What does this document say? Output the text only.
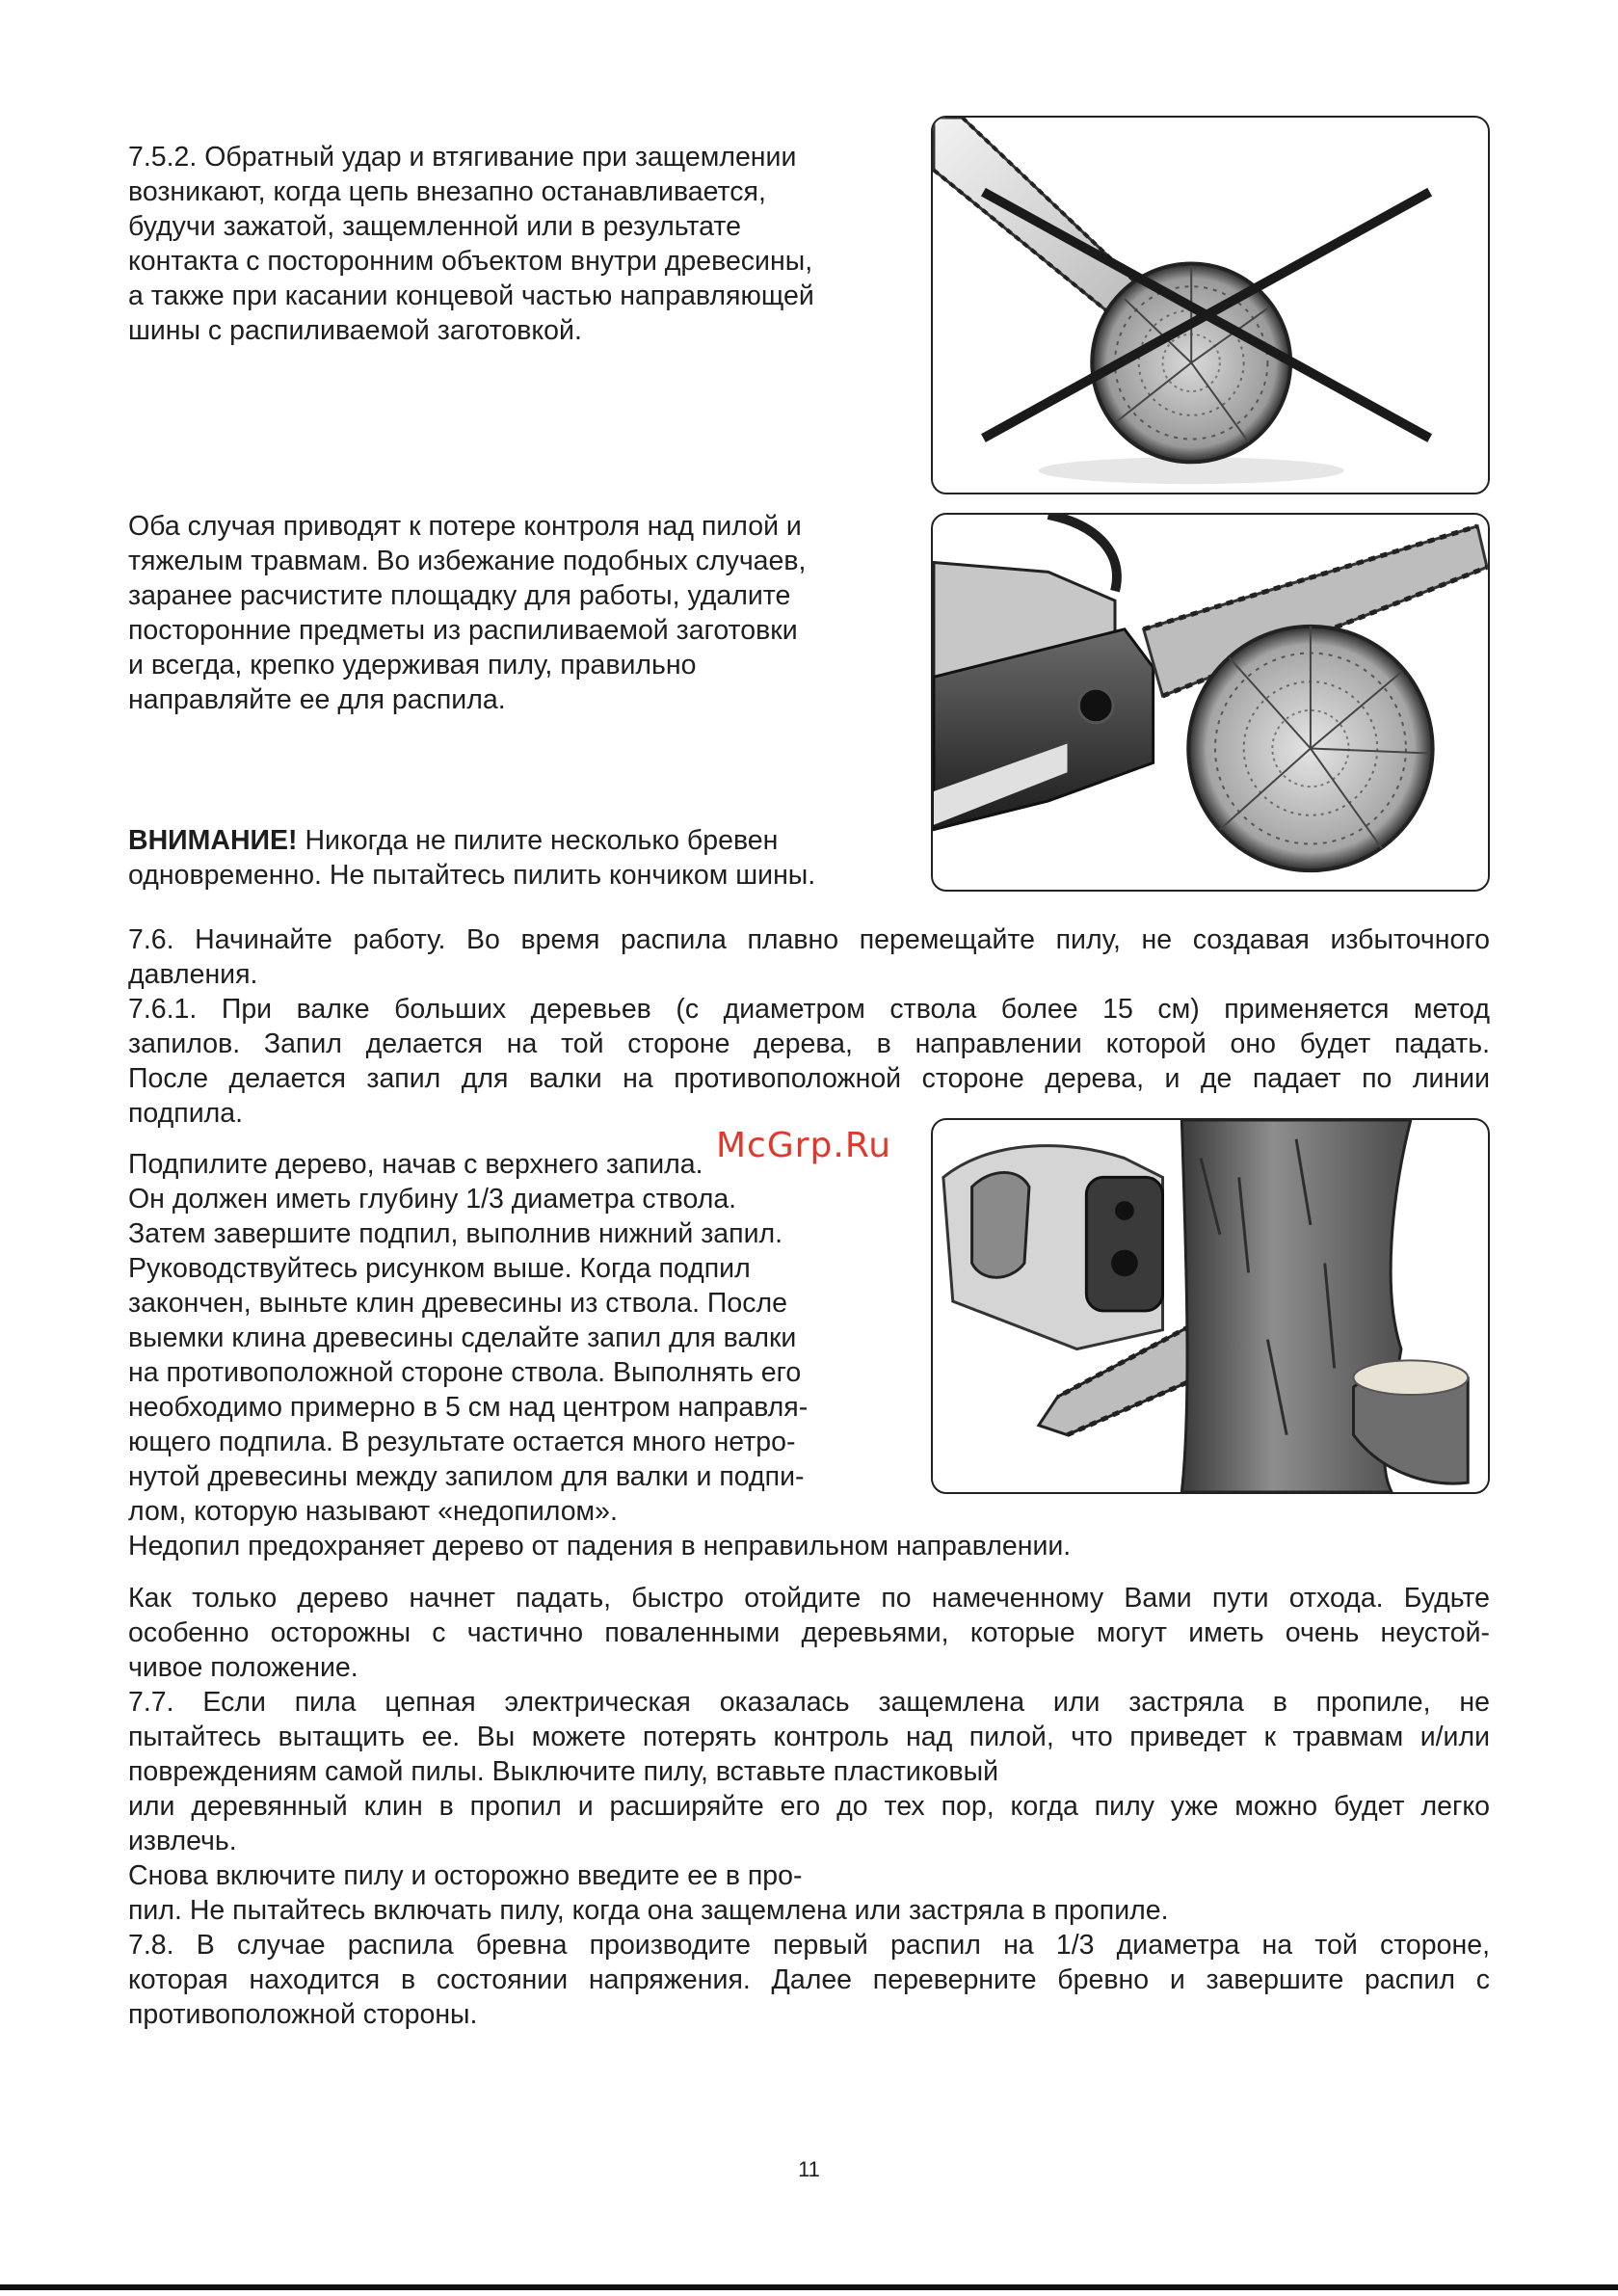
7.5.2. Обратный удар и втягивание при защемлении
возникают, когда цепь внезапно останавливается,
будучи зажатой, защемленной или в результате
контакта с посторонним объектом внутри древесины,
а также при касании концевой частью направляющей
шины с распиливаемой заготовкой.
Оба случая приводят к потере контроля над пилой и
тяжелым травмам. Во избежание подобных случаев,
заранее расчистите площадку для работы, удалите
посторонние предметы из распиливаемой заготовки
и всегда, крепко удерживая пилу, правильно
направляйте ее для распила.
ВНИМАНИЕ! Никогда не пилите несколько бревен
одновременно. Не пытайтесь пилить кончиком шины.
7.6. Начинайте работу. Во время распила плавно перемещайте пилу, не создавая избыточного
давления.
7.6.1. При валке больших деревьев (с диаметром ствола более 15 см) применяется метод
запилов. Запил делается на той стороне дерева, в направлении которой оно будет падать.
После делается запил для валки на противоположной стороне дерева, и де падает по линии
подпила.
Подпилите дерево, начав с верхнего запила.
Он должен иметь глубину 1/3 диаметра ствола.
Затем завершите подпил, выполнив нижний запил.
Руководствуйтесь рисунком выше. Когда подпил
закончен, выньте клин древесины из ствола. После
выемки клина древесины сделайте запил для валки
на противоположной стороне ствола. Выполнять его
необходимо примерно в 5 см над центром направля-
ющего подпила. В результате остается много нетро-
нутой древесины между запилом для валки и подпи-
лом, которую называют «недопилом».
Недопил предохраняет дерево от падения в неправильном направлении.
McGrp.Ru
Как только дерево начнет падать, быстро отойдите по намеченному Вами пути отхода. Будьте
особенно осторожны с частично поваленными деревьями, которые могут иметь очень неустой-
чивое положение.
7.7. Если пила цепная электрическая оказалась защемлена или застряла в пропиле, не
пытайтесь вытащить ее. Вы можете потерять контроль над пилой, что приведет к травмам и/или
повреждениям самой пилы. Выключите пилу, вставьте пластиковый
или деревянный клин в пропил и расширяйте его до тех пор, когда пилу уже можно будет легко
извлечь.
Снова включите пилу и осторожно введите ее в про-
пил. Не пытайтесь включать пилу, когда она защемлена или застряла в пропиле.
7.8. В случае распила бревна производите первый распил на 1/3 диаметра на той стороне,
которая находится в состоянии напряжения. Далее переверните бревно и завершите распил с
противоположной стороны.
11
